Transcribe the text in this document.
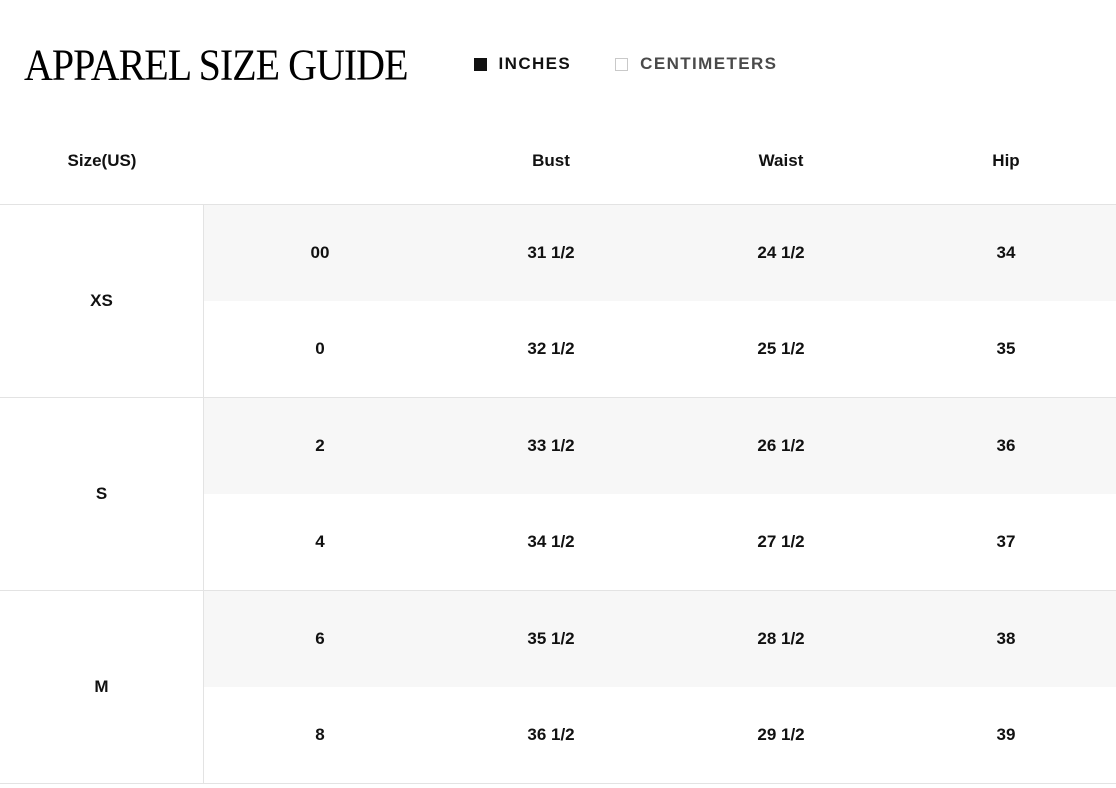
APPAREL SIZE GUIDE	INCHES	CENTIMETERS
Size(US)	Bust	Waist	Hip
XS
00	31 1/2	24 1/2	34
0	32 1/2	25 1/2	35
S
2	33 1/2	26 1/2	36
4	34 1/2	27 1/2	37
M
6	35 1/2	28 1/2	38
8	36 1/2	29 1/2	39
